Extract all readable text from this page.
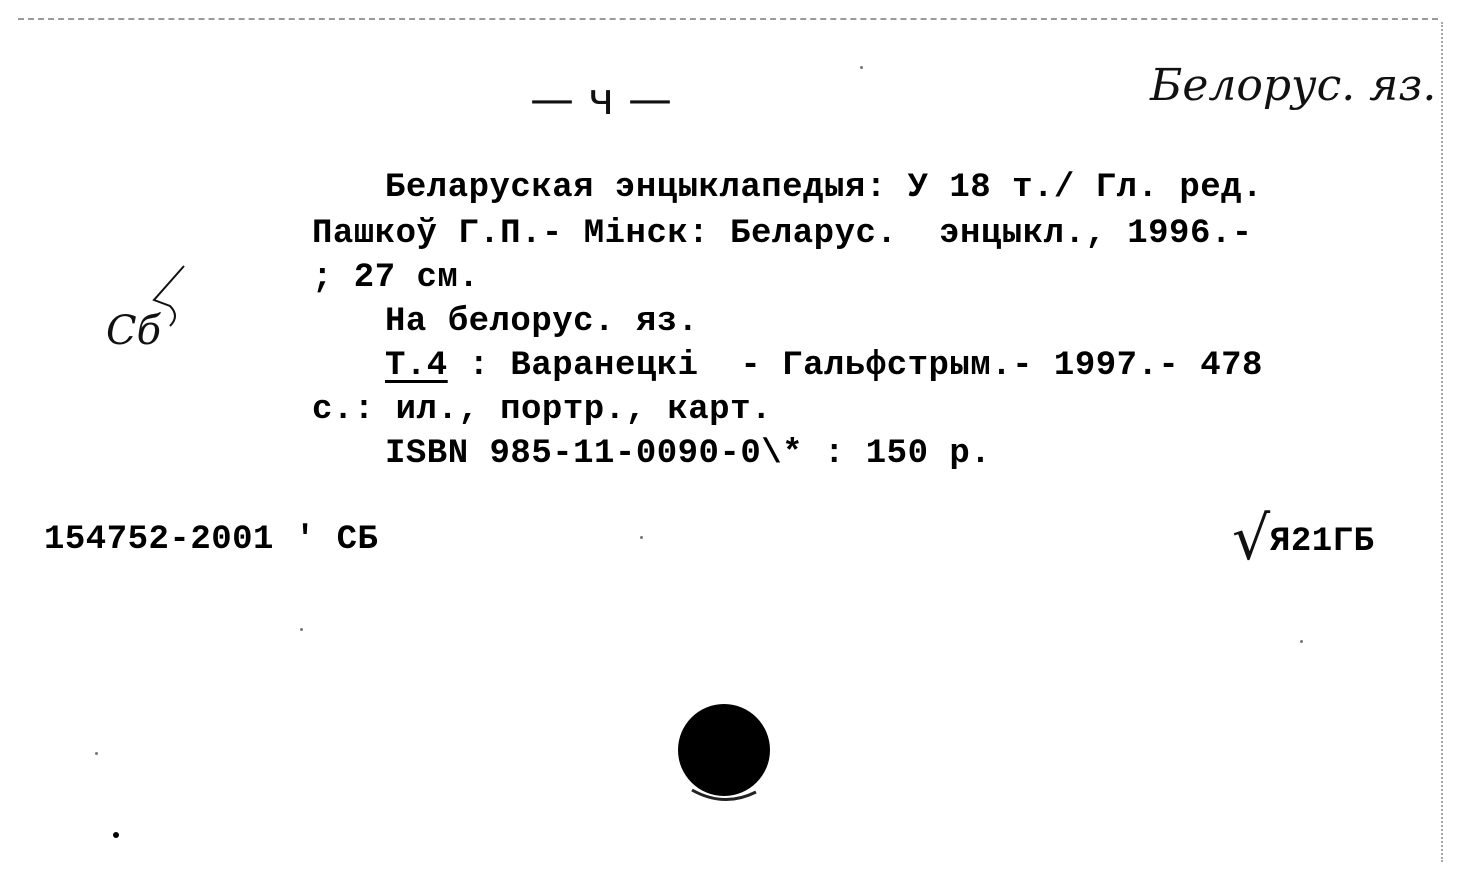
— ч —	Белорус. яз.
Сб
Беларуская энцыклапедыя: У 18 т./ Гл. ред.
Пашкоў Г.П.- Мінск: Беларус.  энцыкл., 1996.-
; 27 см.
На белорус. яз.
Т.4 : Варанецкі  - Гальфстрым.- 1997.- 478
с.: ил., портр., карт.
ISBN 985-11-0090-0\* : 150 р.
154752-2001 ' СБ	√ Я21ГБ
